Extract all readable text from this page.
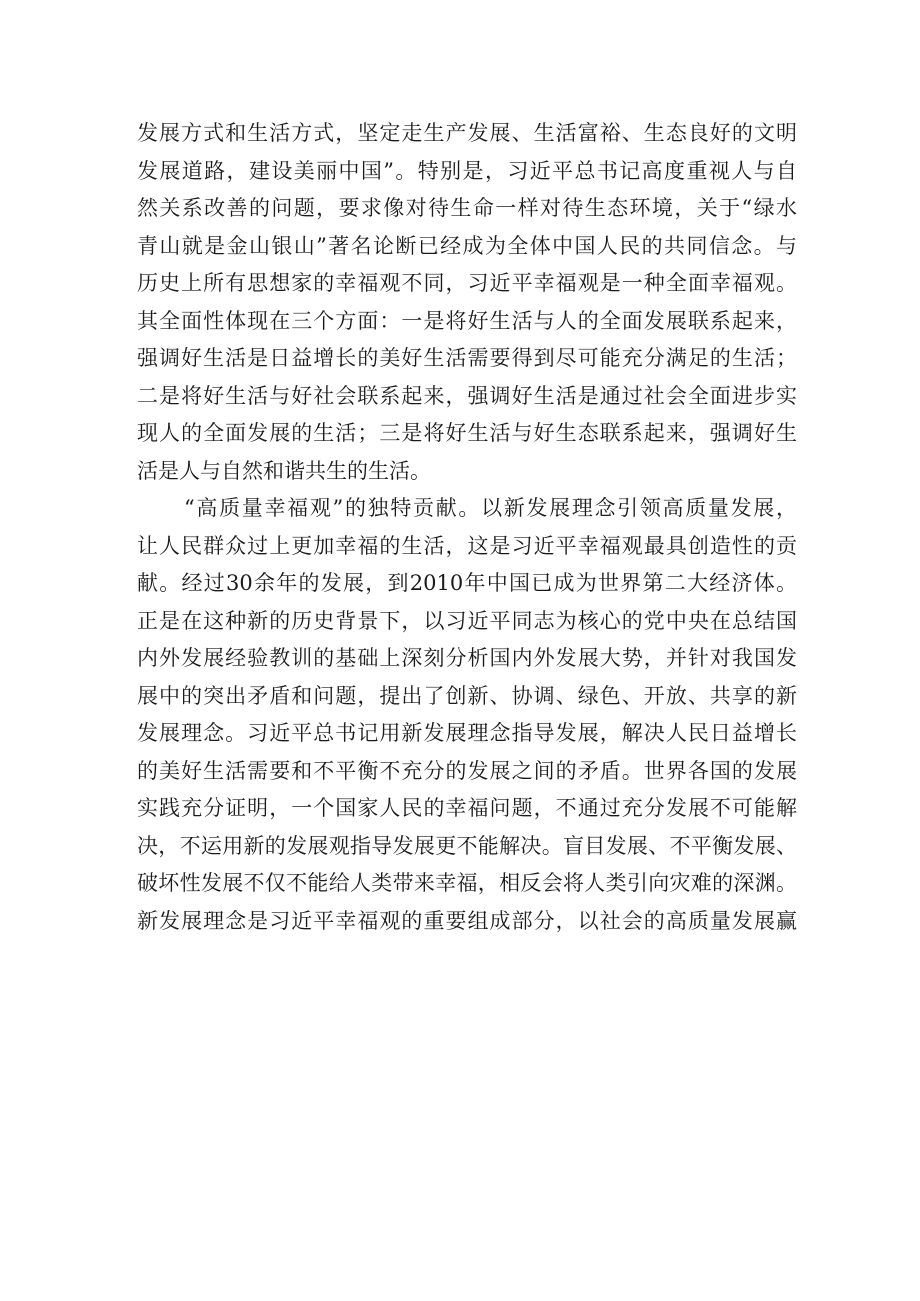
发展方式和生活方式，坚定走生产发展、生活富裕、生态良好的文明
发展道路，建设美丽中国”。特别是，习近平总书记高度重视人与自
然关系改善的问题，要求像对待生命一样对待生态环境，关于“绿水
青山就是金山银山”著名论断已经成为全体中国人民的共同信念。与
历史上所有思想家的幸福观不同，习近平幸福观是一种全面幸福观。
其全面性体现在三个方面：一是将好生活与人的全面发展联系起来，
强调好生活是日益增长的美好生活需要得到尽可能充分满足的生活；
二是将好生活与好社会联系起来，强调好生活是通过社会全面进步实
现人的全面发展的生活；三是将好生活与好生态联系起来，强调好生
活是人与自然和谐共生的生活。
“高质量幸福观”的独特贡献。以新发展理念引领高质量发展，
让人民群众过上更加幸福的生活，这是习近平幸福观最具创造性的贡
献。经过30余年的发展，到2010年中国已成为世界第二大经济体。
正是在这种新的历史背景下，以习近平同志为核心的党中央在总结国
内外发展经验教训的基础上深刻分析国内外发展大势，并针对我国发
展中的突出矛盾和问题，提出了创新、协调、绿色、开放、共享的新
发展理念。习近平总书记用新发展理念指导发展，解决人民日益增长
的美好生活需要和不平衡不充分的发展之间的矛盾。世界各国的发展
实践充分证明，一个国家人民的幸福问题，不通过充分发展不可能解
决，不运用新的发展观指导发展更不能解决。盲目发展、不平衡发展、
破坏性发展不仅不能给人类带来幸福，相反会将人类引向灾难的深渊。
新发展理念是习近平幸福观的重要组成部分，以社会的高质量发展赢
